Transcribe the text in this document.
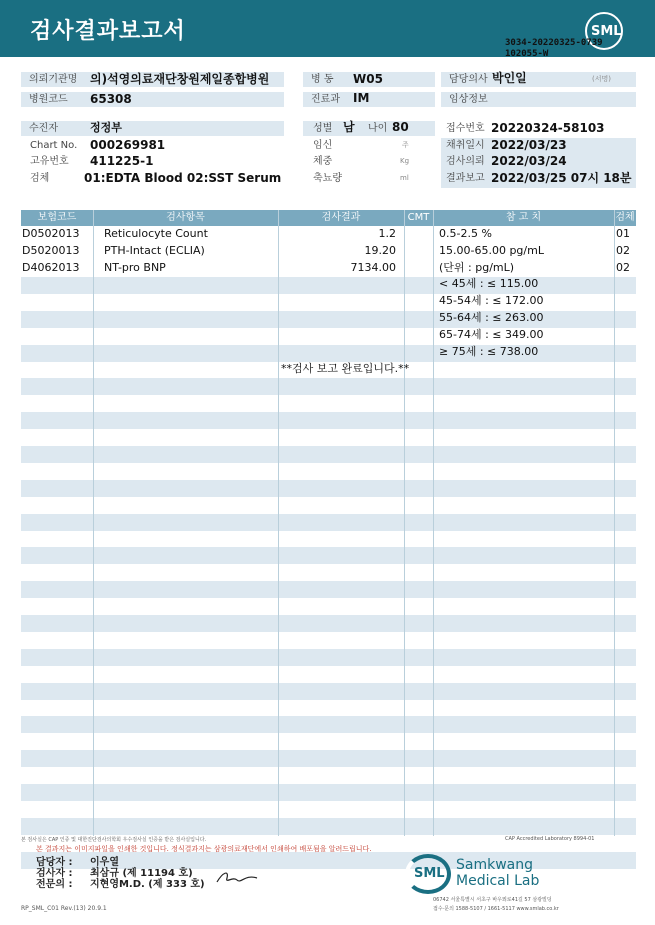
검사결과보고서	SML
3034-20220325-0739
102055-W
의뢰기관명	의)석영의료재단창원제일종합병원	병 동	W05	담당의사 박인일	(서명)
병원코드	65308	진료과	IM	임상정보
수진자	정정부
Chart No. 000269981
고유번호 411225-1
검체	01:EDTA Blood 02:SST Serum
성별 남 나이 80
임신	주
체중	Kg
축뇨량	ml
접수번호 20220324-58103
채취일시 2022/03/23
검사의뢰 2022/03/24
결과보고 2022/03/25 07시 18분
보험코드	검사항목	검사결과	CMT	참 고 치	검체
D0502013 Reticulocyte Count	1.2	0.5-2.5 %	01
D5020013 PTH-Intact (ECLIA)	19.20	15.00-65.00 pg/mL	02
D4062013 NT-pro BNP	7134.00	(단위 : pg/mL)	02
< 45세 : ≤ 115.00
45-54세 : ≤ 172.00
55-64세 : ≤ 263.00
65-74세 : ≤ 349.00
≥ 75세 : ≤ 738.00
**검사 보고 완료입니다.**
본 검사실은 CAP 인증 및 대한진단검사의학회 우수검사실 인증을 받은 검사실입니다.	CAP Accredited Laboratory 8994-01
본 결과지는 이미지파일을 인쇄한 것입니다. 정식결과지는 삼광의료재단에서 인쇄하여 배포됨을 알려드립니다.
담당자 : 이우열
검사자 : 최삼규 (제 11194 호)
전문의 : 지현영M.D. (제 333 호)
SML
Samkwang
Medical Lab
06742 서울특별시 서초구 바우뫼로41길 57 삼광빌딩
접수·문의 1588-5107 / 1661-5117 www.smlab.co.kr
RP_SML_C01 Rev.(13) 20.9.1
